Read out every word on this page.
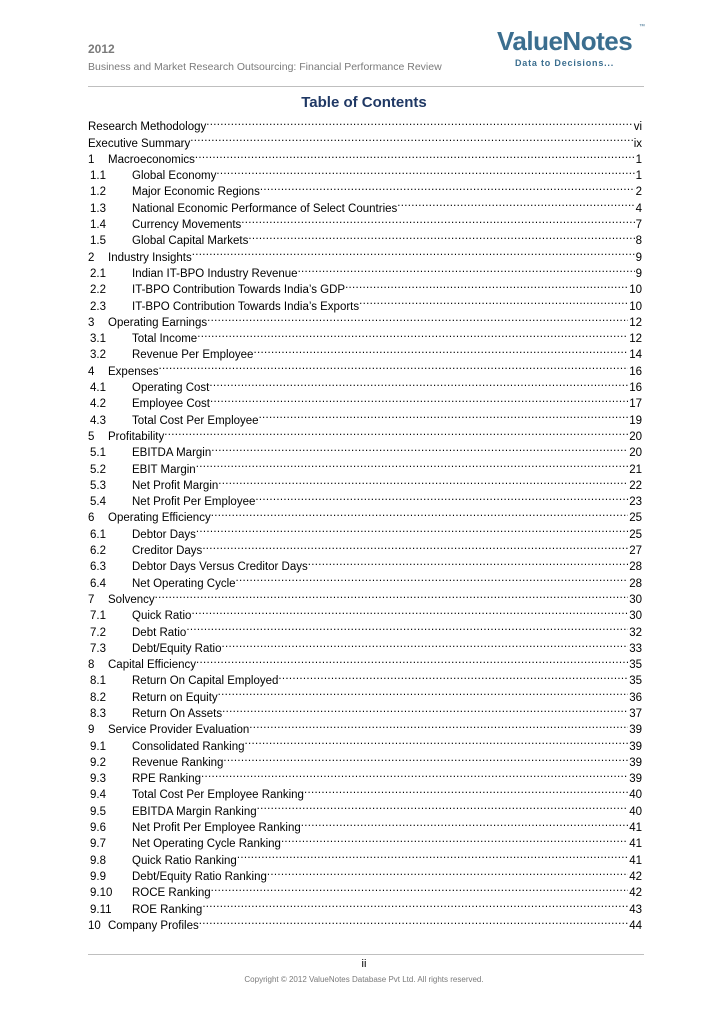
2012
Business and Market Research Outsourcing: Financial Performance Review
ValueNotes ™
Data to Decisions...
Table of Contents
Research Methodology .....	vi
Executive Summary .....	ix
1	Macroeconomics .....	1
1.1	Global Economy .....	1
1.2	Major Economic Regions .....	2
1.3	National Economic Performance of Select Countries .....	4
1.4	Currency Movements .....	7
1.5	Global Capital Markets .....	8
2	Industry Insights .....	9
2.1	Indian IT-BPO Industry Revenue .....	9
2.2	IT-BPO Contribution Towards India’s GDP .....	10
2.3	IT-BPO Contribution Towards India’s Exports .....	10
3	Operating Earnings .....	12
3.1	Total Income .....	12
3.2	Revenue Per Employee .....	14
4	Expenses .....	16
4.1	Operating Cost .....	16
4.2	Employee Cost .....	17
4.3	Total Cost Per Employee .....	19
5	Profitability .....	20
5.1	EBITDA Margin .....	20
5.2	EBIT Margin .....	21
5.3	Net Profit Margin .....	22
5.4	Net Profit Per Employee .....	23
6	Operating Efficiency .....	25
6.1	Debtor Days .....	25
6.2	Creditor Days .....	27
6.3	Debtor Days Versus Creditor Days .....	28
6.4	Net Operating Cycle .....	28
7	Solvency .....	30
7.1	Quick Ratio .....	30
7.2	Debt Ratio .....	32
7.3	Debt/Equity Ratio .....	33
8	Capital Efficiency .....	35
8.1	Return On Capital Employed .....	35
8.2	Return on Equity .....	36
8.3	Return On Assets .....	37
9	Service Provider Evaluation .....	39
9.1	Consolidated Ranking .....	39
9.2	Revenue Ranking .....	39
9.3	RPE Ranking .....	39
9.4	Total Cost Per Employee Ranking .....	40
9.5	EBITDA Margin Ranking .....	40
9.6	Net Profit Per Employee Ranking .....	41
9.7	Net Operating Cycle Ranking .....	41
9.8	Quick Ratio Ranking .....	41
9.9	Debt/Equity Ratio Ranking .....	42
9.10	ROCE Ranking .....	42
9.11	ROE Ranking .....	43
10 Company Profiles .....	44
ii
Copyright © 2012 ValueNotes Database Pvt Ltd. All rights reserved.
